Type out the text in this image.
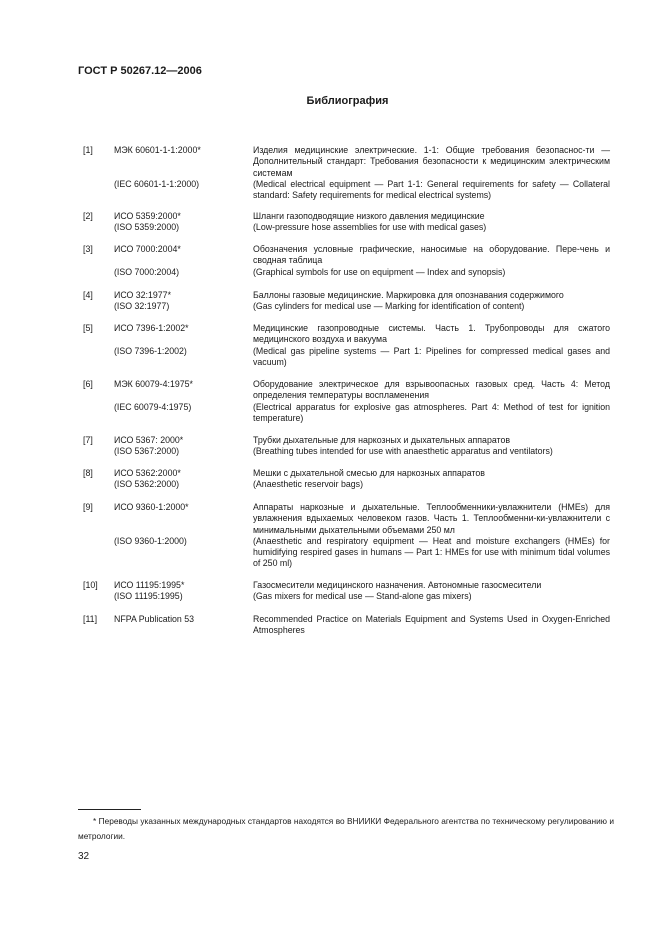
ГОСТ Р 50267.12—2006
Библиография
[1]	МЭК 60601-1-1:2000*	Изделия медицинские электрические. 1-1: Общие требования безопаснос-ти — Дополнительный стандарт: Требования безопасности к медицинским электрическим системам
(IEC 60601-1-1:2000)	(Medical electrical equipment — Part 1-1: General requirements for safety — Collateral standard: Safety requirements for medical electrical systems)
[2]	ИСО 5359:2000*	Шланги газоподводящие низкого давления медицинские
(ISO 5359:2000)	(Low-pressure hose assemblies for use with medical gases)
[3]	ИСО 7000:2004*	Обозначения условные графические, наносимые на оборудование. Пере-чень и сводная таблица
(ISO 7000:2004)	(Graphical symbols for use on equipment — Index and synopsis)
[4]	ИСО 32:1977*	Баллоны газовые медицинские. Маркировка для опознавания содержимого
(ISO 32:1977)	(Gas cylinders for medical use — Marking for identification of content)
[5]	ИСО 7396-1:2002*	Медицинские газопроводные системы. Часть 1. Трубопроводы для сжатого медицинского воздуха и вакуума
(ISO 7396-1:2002)	(Medical gas pipeline systems — Part 1: Pipelines for compressed medical gases and vacuum)
[6]	МЭК 60079-4:1975*	Оборудование электрическое для взрывоопасных газовых сред. Часть 4: Метод определения температуры воспламенения
(IEC 60079-4:1975)	(Electrical apparatus for explosive gas atmospheres. Part 4: Method of test for ignition temperature)
[7]	ИСО 5367: 2000*	Трубки дыхательные для наркозных и дыхательных аппаратов
(ISO 5367:2000)	(Breathing tubes intended for use with anaesthetic apparatus and ventilators)
[8]	ИСО 5362:2000*	Мешки с дыхательной смесью для наркозных аппаратов
(ISO 5362:2000)	(Anaesthetic reservoir bags)
[9]	ИСО 9360-1:2000*	Аппараты наркозные и дыхательные. Теплообменники-увлажнители (HMEs) для увлажнения вдыхаемых человеком газов. Часть 1. Теплообменни-ки-увлажнители с минимальными дыхательными объемами 250 мл
(ISO 9360-1:2000)	(Anaesthetic and respiratory equipment — Heat and moisture exchangers (HMEs) for humidifying respired gases in humans — Part 1: HMEs for use with minimum tidal volumes of 250 ml)
[10]	ИСО 11195:1995*	Газосмесители медицинского назначения. Автономные газосмесители
(ISO 11195:1995)	(Gas mixers for medical use — Stand-alone gas mixers)
[11]	NFPA Publication 53	Recommended Practice on Materials Equipment and Systems Used in Oxygen-Enriched Atmospheres
* Переводы указанных международных стандартов находятся во ВНИИКИ Федерального агентства по техническому регулированию и метрологии.
32
